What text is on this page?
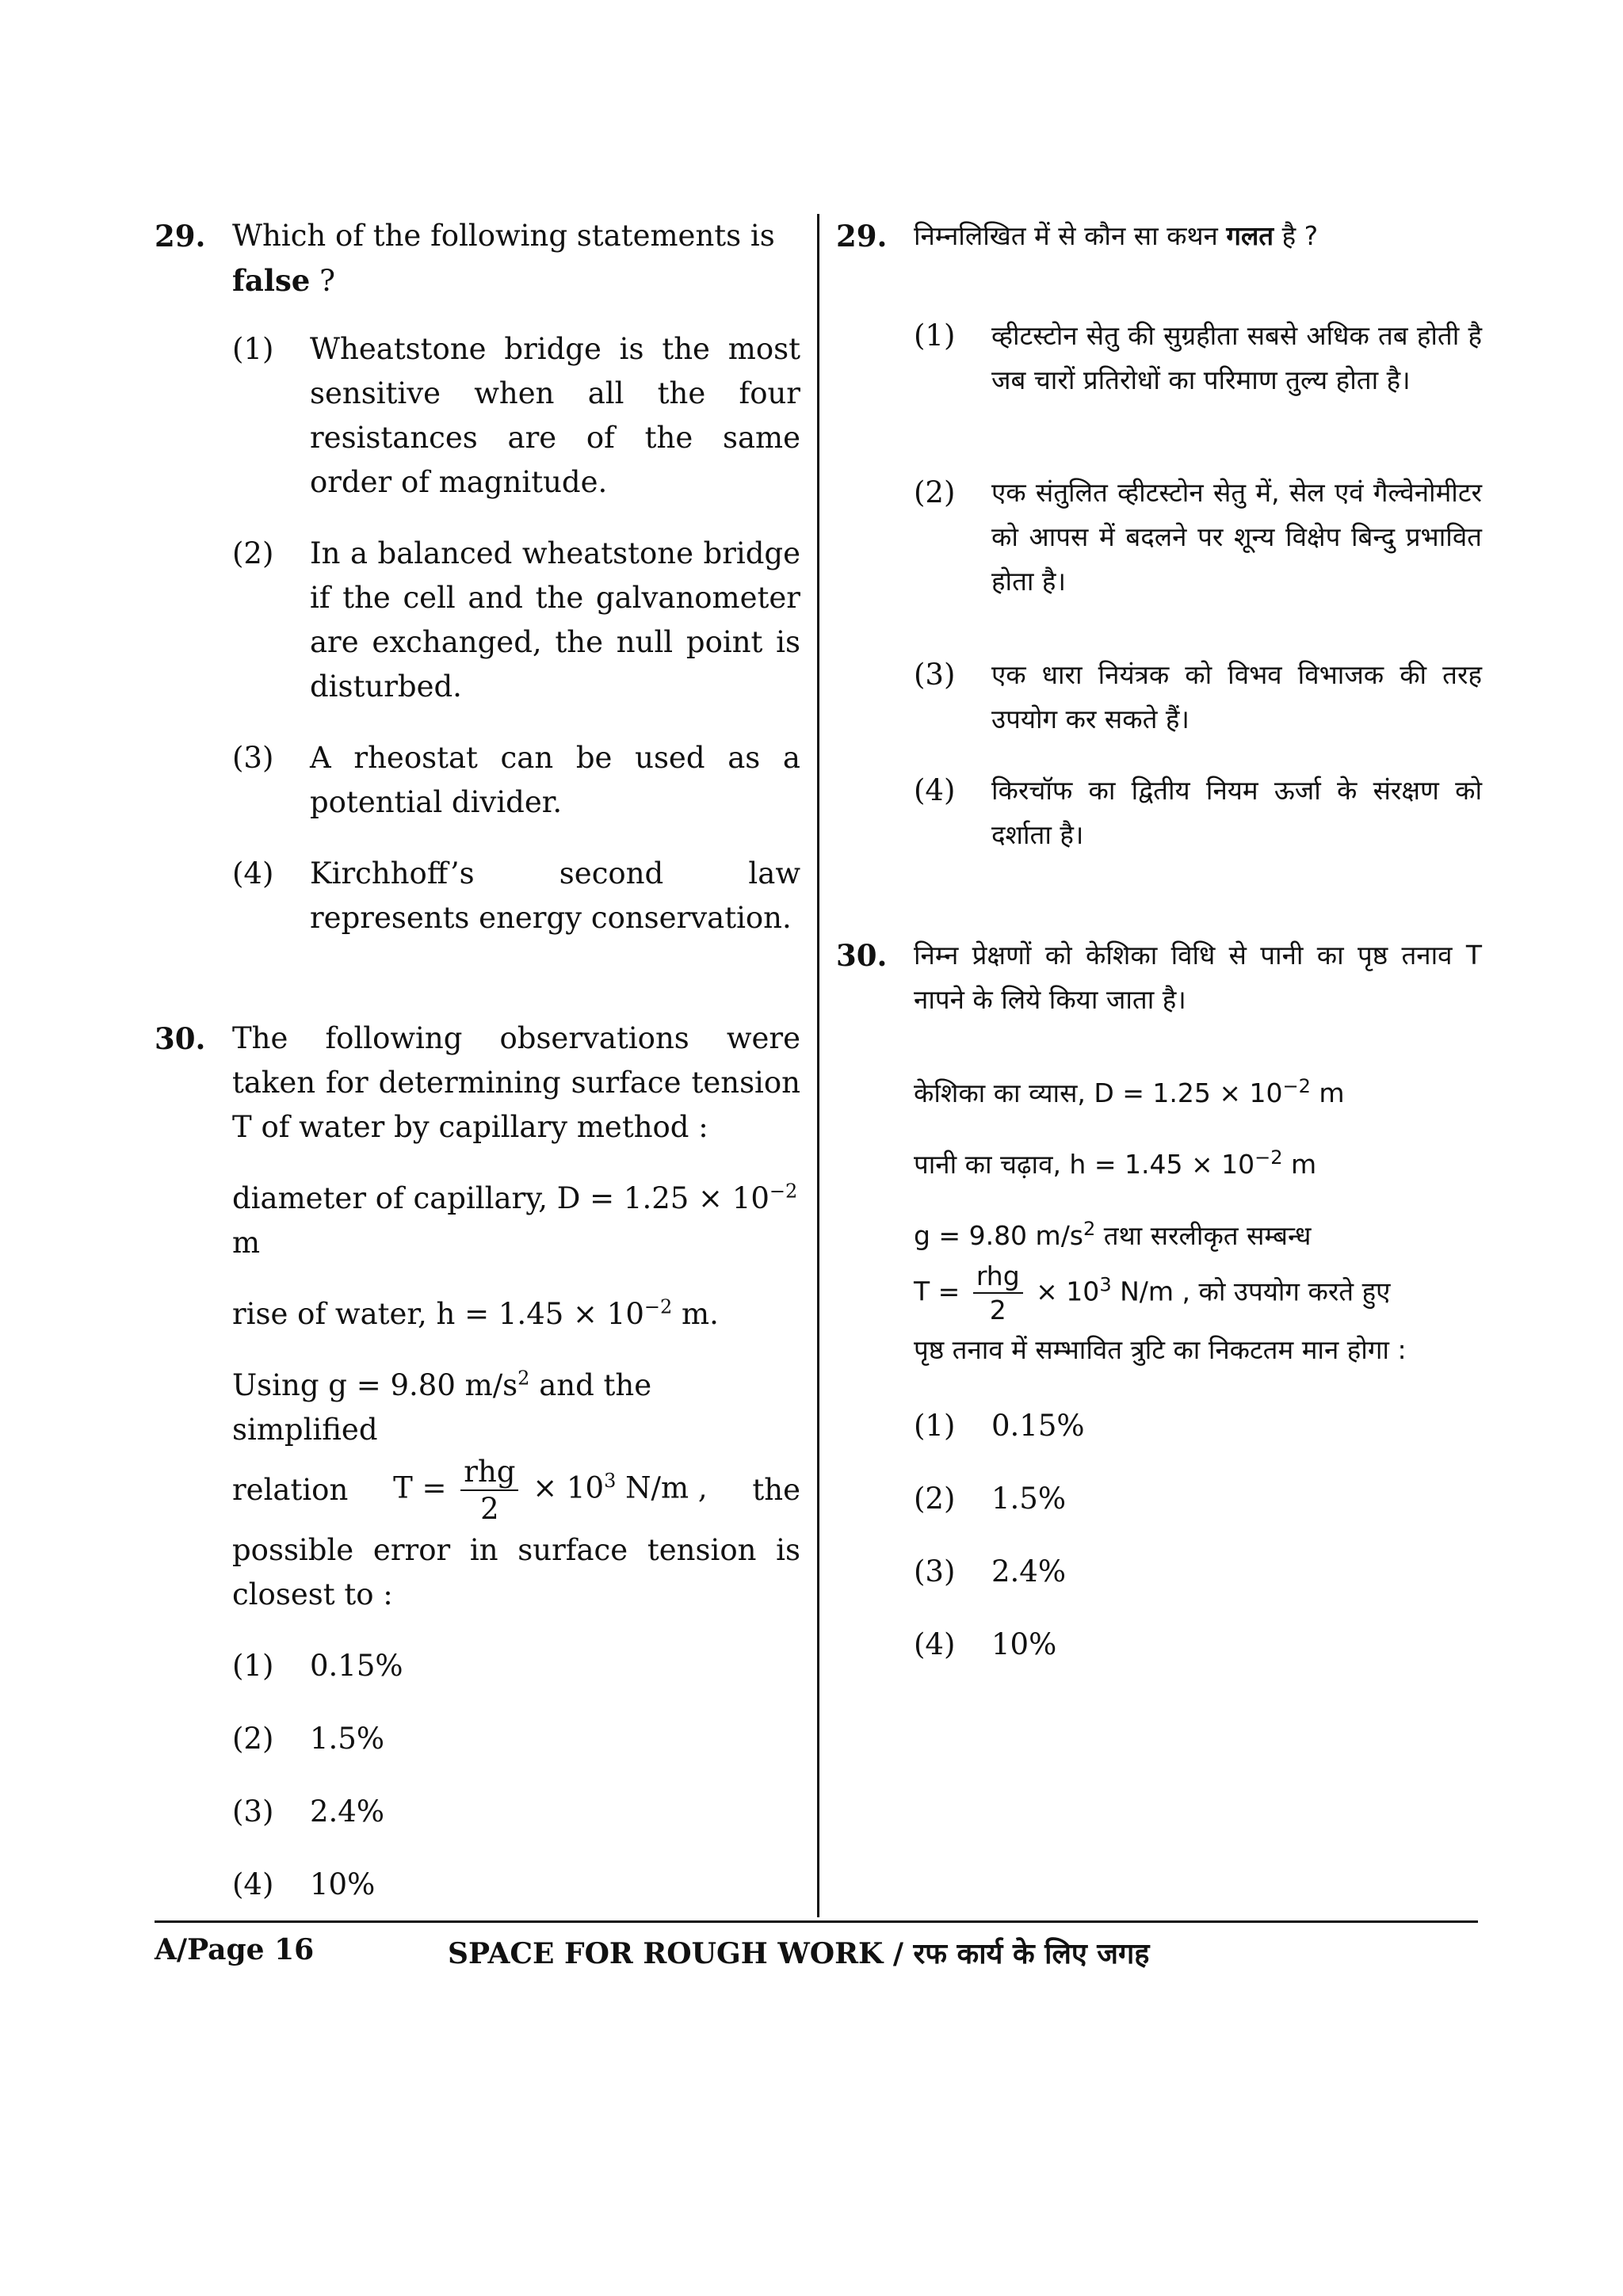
29. Which of the following statements is
false ?
(1) Wheatstone bridge is the most sensitive when all the four resistances are of the same order of magnitude.
(2) In a balanced wheatstone bridge if the cell and the galvanometer are exchanged, the null point is disturbed.
(3) A rheostat can be used as a potential divider.
(4) Kirchhoff’s second law represents energy conservation.
30. The following observations were taken for determining surface tension T of water by capillary method :

diameter of capillary, $D = 1.25 \times 10^{-2}$ m

rise of water, $h = 1.45 \times 10^{-2}$ m.

Using g = 9.80 $m/s^2$ and the simplified

relation $T = \frac{\text{rhg}}{2} \times 10^3$ N/m , the

possible error in surface tension is closest to :

(1) 0.15%
(2) 1.5%
(3) 2.4%
(4) 10%
29. निम्नलिखित में से कौन सा कथन गलत है ?
(1) व्हीटस्टोन सेतु की सुग्रहीता सबसे अधिक तब होती है जब चारों प्रतिरोधों का परिमाण तुल्य होता है।
(2) एक संतुलित व्हीटस्टोन सेतु में, सेल एवं गैल्वेनोमीटर को आपस में बदलने पर शून्य विक्षेप बिन्दु प्रभावित होता है।
(3) एक धारा नियंत्रक को विभव विभाजक की तरह उपयोग कर सकते हैं।
(4) किरचॉफ का द्वितीय नियम ऊर्जा के संरक्षण को दर्शाता है।
30. निम्न प्रेक्षणों को केशिका विधि से पानी का पृष्ठ तनाव T नापने के लिये किया जाता है।

केशिका का व्यास, $D = 1.25 \times 10^{-2}$ m

पानी का चढ़ाव, $h = 1.45 \times 10^{-2}$ m

g = 9.80 $m/s^2$ तथा सरलीकृत सम्बन्ध

$T = \frac{\text{rhg}}{2} \times 10^3$ N/m , को उपयोग करते हुए

पृष्ठ तनाव में सम्भावित त्रुटि का निकटतम मान होगा :

(1) 0.15%
(2) 1.5%
(3) 2.4%
(4) 10%
A/Page 16	SPACE FOR ROUGH WORK / रफ कार्य के लिए जगह
